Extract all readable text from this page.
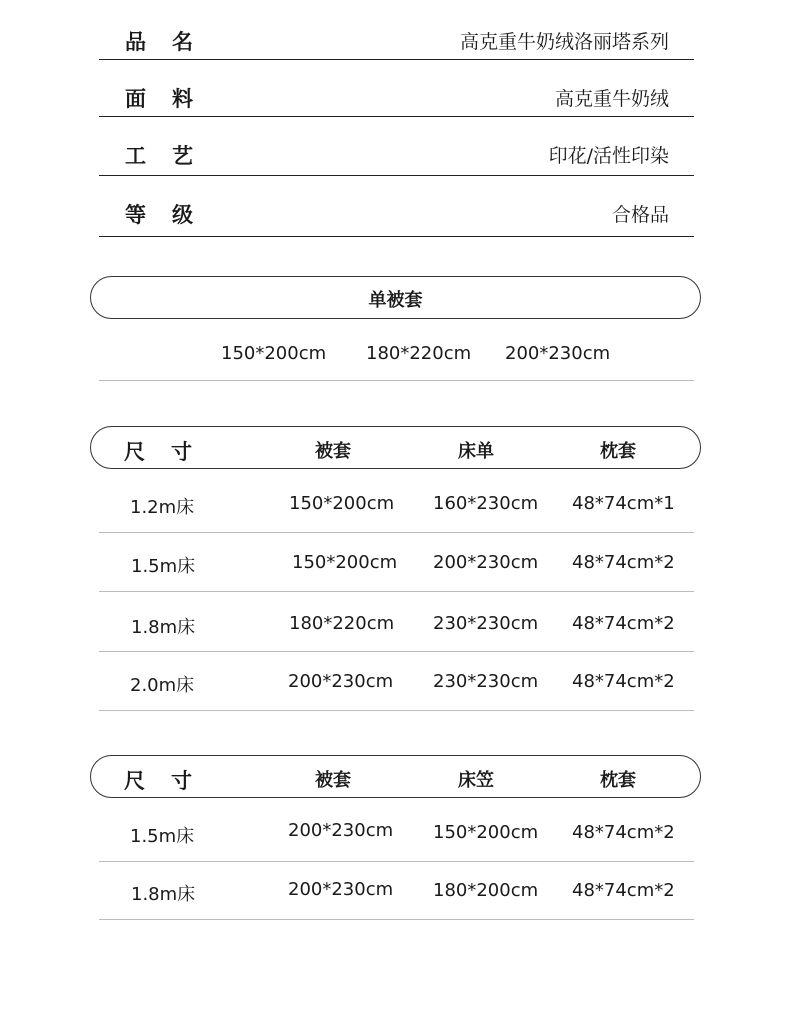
品 名	高克重牛奶绒洛丽塔系列
面 料	高克重牛奶绒
工 艺	印花/活性印染
等 级	合格品
单被套
150*200cm 180*220cm 200*230cm
尺 寸	被套	床单	枕套
1.2m床	150*200cm 160*230cm 48*74cm*1
1.5m床	150*200cm 200*230cm 48*74cm*2
1.8m床	180*220cm 230*230cm 48*74cm*2
2.0m床	200*230cm 230*230cm 48*74cm*2
尺 寸	被套	床笠	枕套
1.5m床	200*230cm 150*200cm 48*74cm*2
1.8m床	200*230cm 180*200cm 48*74cm*2
